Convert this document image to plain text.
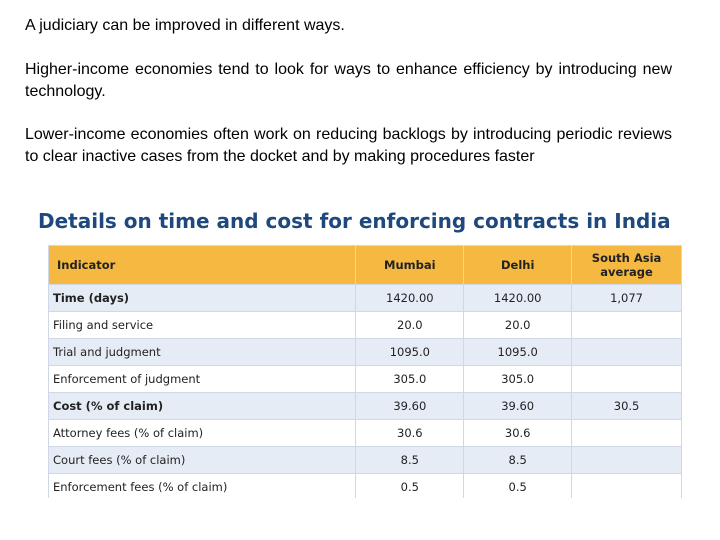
A judiciary can be improved in different ways.

Higher-income economies tend to look for ways to enhance efficiency by introducing new technology.

Lower-income economies often work on reducing backlogs by introducing periodic reviews to clear inactive cases from the docket and by making procedures faster

Details on time and cost for enforcing contracts in India
Indicator	Mumbai	Delhi	South Asia average
Time (days)	1420.00	1420.00	1,077
Filing and service	20.0	20.0	
Trial and judgment	1095.0	1095.0	
Enforcement of judgment	305.0	305.0	
Cost (% of claim)	39.60	39.60	30.5
Attorney fees (% of claim)	30.6	30.6	
Court fees (% of claim)	8.5	8.5	
Enforcement fees (% of claim)	0.5	0.5	
